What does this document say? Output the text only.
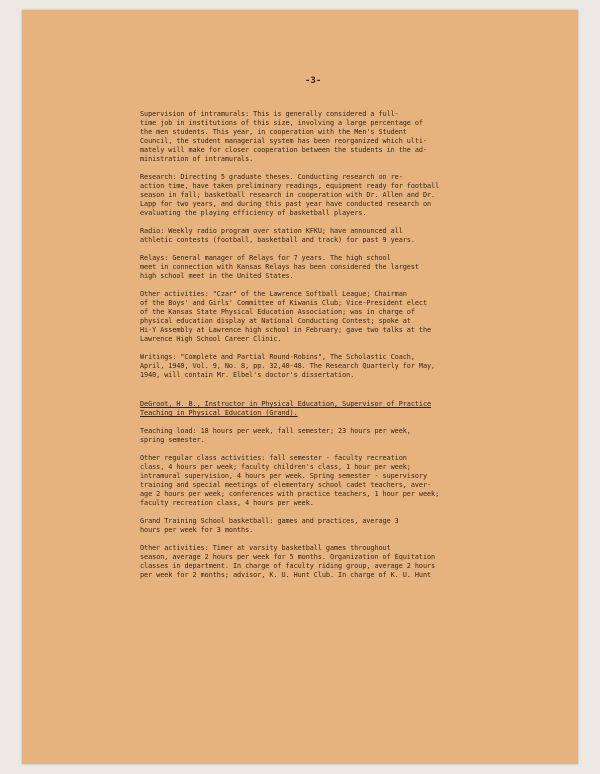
-3-
Supervision of intramurals: This is generally considered a full-
time job in institutions of this size, involving a large percentage of
the men students. This year, in cooperation with the Men's Student
Council, the student managerial system has been reorganized which ulti-
mately will make for closer cooperation between the students in the ad-
ministration of intramurals.
Research: Directing 5 graduate theses. Conducting research on re-
action time, have taken preliminary readings, equipment ready for football
season in fall; basketball research in cooperation with Dr. Allen and Dr.
Lapp for two years, and during this past year have conducted research on
evaluating the playing efficiency of basketball players.
Radio: Weekly radio program over station KFKU; have announced all
athletic contests (football, basketball and track) for past 9 years.
Relays: General manager of Relays for 7 years. The high school
meet in connection with Kansas Relays has been considered the largest
high school meet in the United States.
Other activities: "Czar" of the Lawrence Softball League; Chairman
of the Boys' and Girls' Committee of Kiwanis Club; Vice-President elect
of the Kansas State Physical Education Association; was in charge of
physical education display at National Conducting Contest; spoke at
Hi-Y Assembly at Lawrence high school in February; gave two talks at the
Lawrence High School Career Clinic.
Writings: "Complete and Partial Round-Robins", The Scholastic Coach,
April, 1940, Vol. 9, No. 8, pp. 32,40-48. The Research Quarterly for May,
1940, will contain Mr. Elbel's doctor's dissertation.
DeGroot, H. B., Instructor in Physical Education, Supervisor of Practice
Teaching in Physical Education (Grand).
Teaching load: 18 hours per week, fall semester; 23 hours per week,
spring semester.
Other regular class activities: fall semester - faculty recreation
class, 4 hours per week; faculty children's class, 1 hour per week;
intramural supervision, 4 hours per week. Spring semester - supervisory
training and special meetings of elementary school cadet teachers, aver-
age 2 hours per week; conferences with practice teachers, 1 hour per week;
faculty recreation class, 4 hours per week.
Grand Training School basketball: games and practices, average 3
hours per week for 3 months.
Other activities: Timer at varsity basketball games throughout
season, average 2 hours per week for 5 months. Organization of Equitation
classes in department. In charge of faculty riding group, average 2 hours
per week for 2 months; advisor, K. U. Hunt Club. In charge of K. U. Hunt
